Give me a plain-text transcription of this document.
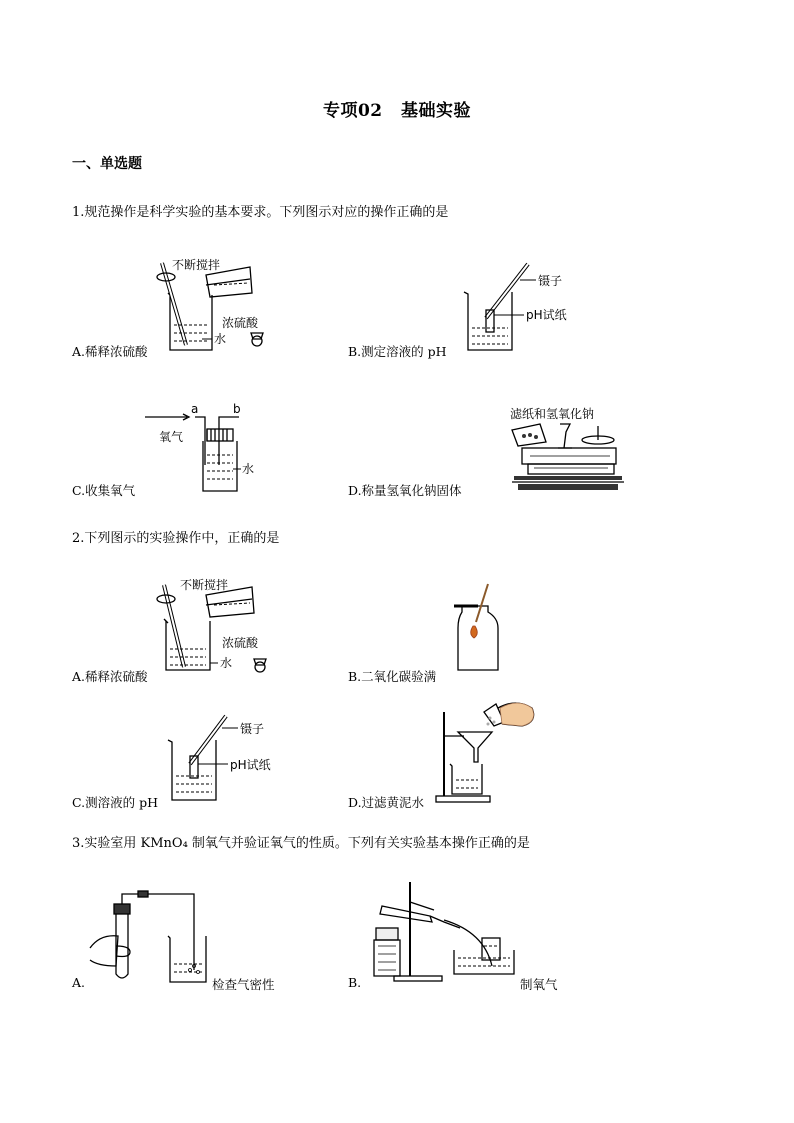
专项02 基础实验
一、单选题
1.规范操作是科学实验的基本要求。下列图示对应的操作正确的是
不断搅拌
浓硫酸
水
A.稀释浓硫酸
镊子
pH试纸
B.测定溶液的 pH
a	b
氧气
水
C.收集氧气
滤纸和氢氧化钠
D.称量氢氧化钠固体
2.下列图示的实验操作中，正确的是
不断搅拌
浓硫酸
水
A.稀释浓硫酸	B.二氧化碳验满
镊子
pH试纸
C.测溶液的 pH	D.过滤黄泥水
3.实验室用 KMnO₄ 制氧气并验证氧气的性质。下列有关实验基本操作正确的是
A.	检查气密性	B.	制氧气
